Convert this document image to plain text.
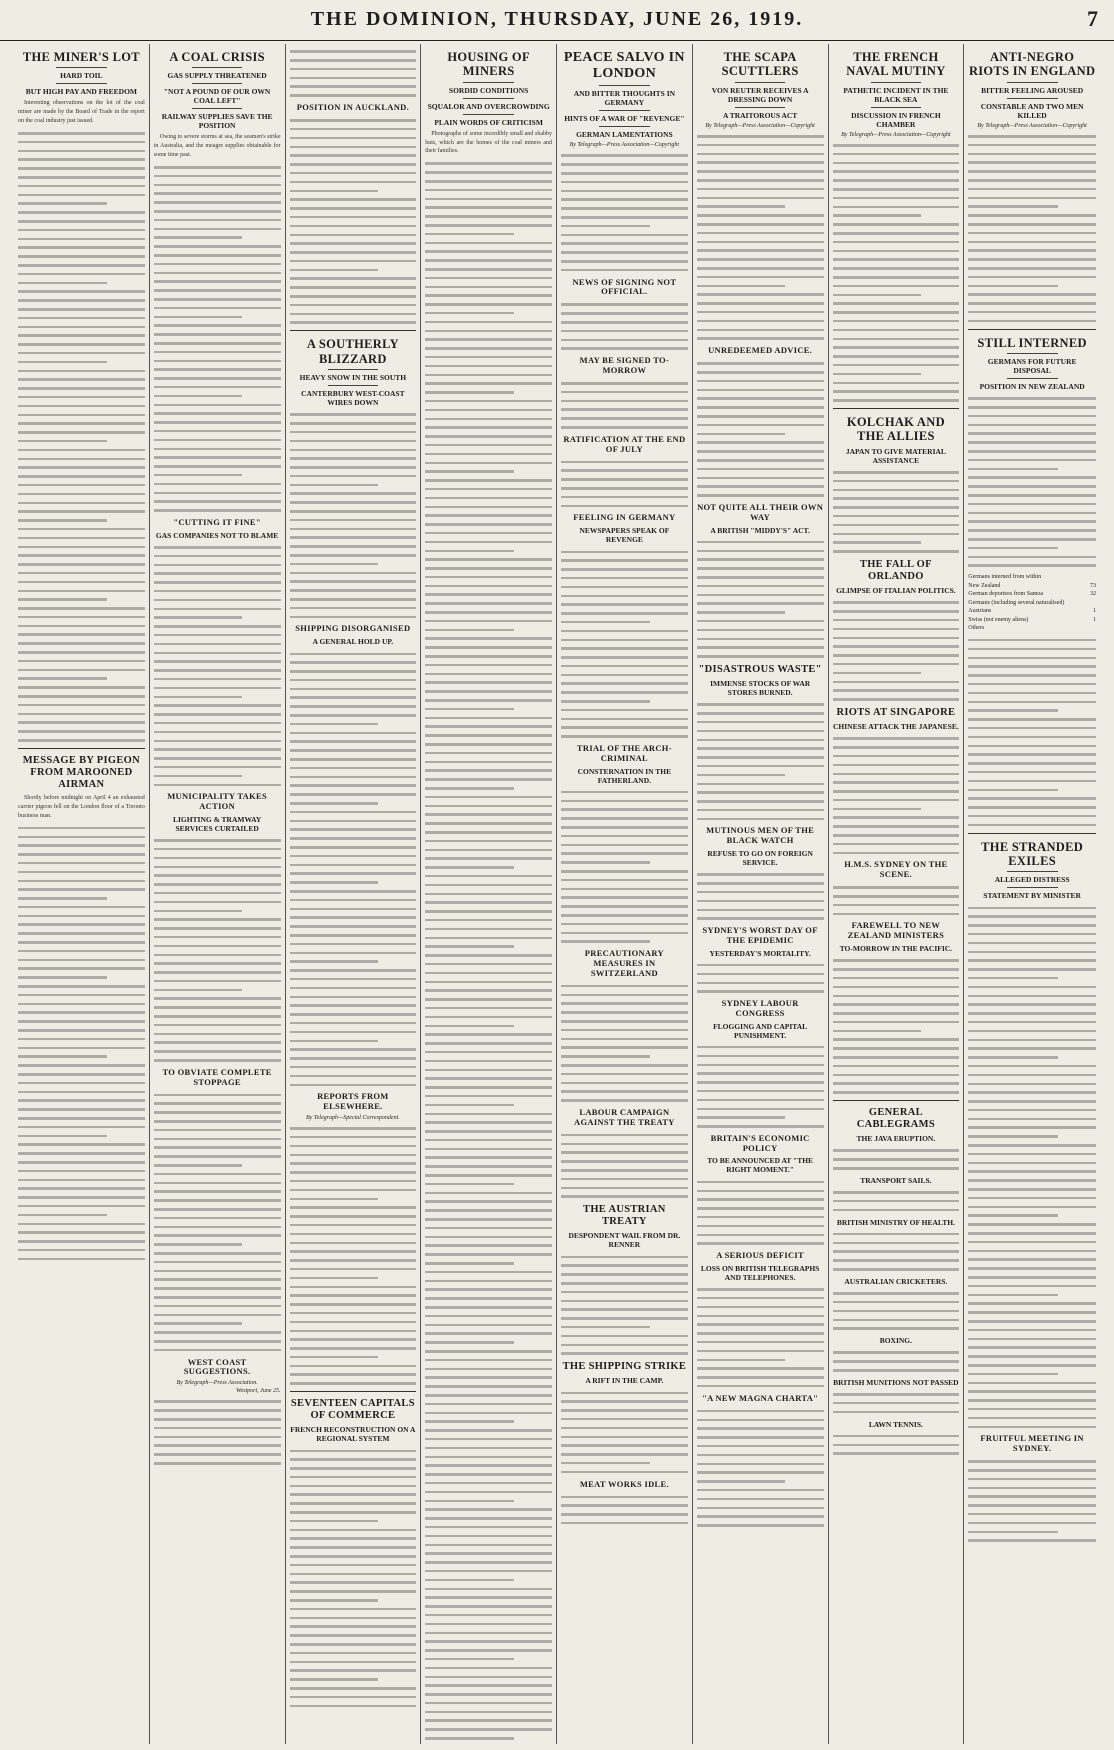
THE DOMINION, THURSDAY, JUNE 26, 1919.	7
THE MINER'S LOT
HARD TOIL
BUT HIGH PAY AND FREEDOM

Interesting observations on the lot of the coal miner are made by the Board of Trade in the report on the coal industry just issued.

MESSAGE BY PIGEON FROM MAROONED AIRMAN

Shortly before midnight on April 4 an exhausted carrier pigeon fell on the London floor of a Toronto business man.

A COAL CRISIS
GAS SUPPLY THREATENED
"NOT A POUND OF OUR OWN COAL LEFT"
RAILWAY SUPPLIES SAVE THE POSITION

Owing to severe storms at sea, the seamen's strike in Australia, and the meagre supplies obtainable for some time past.

"CUTTING IT FINE"
GAS COMPANIES NOT TO BLAME
MUNICIPALITY TAKES ACTION
LIGHTING & TRAMWAY SERVICES CURTAILED
TO OBVIATE COMPLETE STOPPAGE
WEST COAST SUGGESTIONS.
By Telegraph—Press Association.
Westport, June 25.
POSITION IN AUCKLAND.
A SOUTHERLY BLIZZARD
HEAVY SNOW IN THE SOUTH
CANTERBURY WEST-COAST WIRES DOWN
SHIPPING DISORGANISED
A GENERAL HOLD UP.
REPORTS FROM ELSEWHERE.
By Telegraph—Special Correspondent.
SEVENTEEN CAPITALS OF COMMERCE
FRENCH RECONSTRUCTION ON A REGIONAL SYSTEM
HOUSING OF MINERS
SORDID CONDITIONS
SQUALOR AND OVERCROWDING
PLAIN WORDS OF CRITICISM

Photographs of some incredibly small and shabby huts, which are the homes of the coal miners and their families.

PEACE SALVO IN LONDON
AND BITTER THOUGHTS IN GERMANY
HINTS OF A WAR OF "REVENGE"
GERMAN LAMENTATIONS
By Telegraph—Press Association—Copyright
NEWS OF SIGNING NOT OFFICIAL.
MAY BE SIGNED TO-MORROW
RATIFICATION AT THE END OF JULY
FEELING IN GERMANY
NEWSPAPERS SPEAK OF REVENGE
TRIAL OF THE ARCH-CRIMINAL
CONSTERNATION IN THE FATHERLAND.
PRECAUTIONARY MEASURES IN SWITZERLAND
LABOUR CAMPAIGN AGAINST THE TREATY
THE AUSTRIAN TREATY
DESPONDENT WAIL FROM DR. RENNER
THE SHIPPING STRIKE
A RIFT IN THE CAMP.
MEAT WORKS IDLE.
THE SCAPA SCUTTLERS
VON REUTER RECEIVES A DRESSING DOWN
A TRAITOROUS ACT
By Telegraph—Press Association—Copyright
UNREDEEMED ADVICE.
NOT QUITE ALL THEIR OWN WAY
A BRITISH "MIDDY'S" ACT.
"DISASTROUS WASTE"
IMMENSE STOCKS OF WAR STORES BURNED.
MUTINOUS MEN OF THE BLACK WATCH
REFUSE TO GO ON FOREIGN SERVICE.
SYDNEY'S WORST DAY OF THE EPIDEMIC
YESTERDAY'S MORTALITY.
SYDNEY LABOUR CONGRESS
FLOGGING AND CAPITAL PUNISHMENT.
BRITAIN'S ECONOMIC POLICY
TO BE ANNOUNCED AT "THE RIGHT MOMENT."
A SERIOUS DEFICIT
LOSS ON BRITISH TELEGRAPHS AND TELEPHONES.
"A NEW MAGNA CHARTA"
THE FRENCH NAVAL MUTINY
PATHETIC INCIDENT IN THE BLACK SEA
DISCUSSION IN FRENCH CHAMBER
By Telegraph—Press Association—Copyright
KOLCHAK AND THE ALLIES
JAPAN TO GIVE MATERIAL ASSISTANCE
THE FALL OF ORLANDO
GLIMPSE OF ITALIAN POLITICS.
RIOTS AT SINGAPORE
CHINESE ATTACK THE JAPANESE.
H.M.S. SYDNEY ON THE SCENE.
FAREWELL TO NEW ZEALAND MINISTERS
TO-MORROW IN THE PACIFIC.
GENERAL CABLEGRAMS
THE JAVA ERUPTION.
TRANSPORT SAILS.
BRITISH MINISTRY OF HEALTH.
AUSTRALIAN CRICKETERS.
BOXING.
BRITISH MUNITIONS NOT PASSED
LAWN TENNIS.
ANTI-NEGRO RIOTS IN ENGLAND
BITTER FEELING AROUSED
CONSTABLE AND TWO MEN KILLED
By Telegraph—Press Association—Copyright
STILL INTERNED
GERMANS FOR FUTURE DISPOSAL
POSITION IN NEW ZEALAND
Germans interned from within
New Zealand	73
German deportees from Samoa	32
Germans (including several naturalised)
Austrians	1
Swiss (not enemy aliens)	1
Others
THE STRANDED EXILES
ALLEGED DISTRESS
STATEMENT BY MINISTER
FRUITFUL MEETING IN SYDNEY.
